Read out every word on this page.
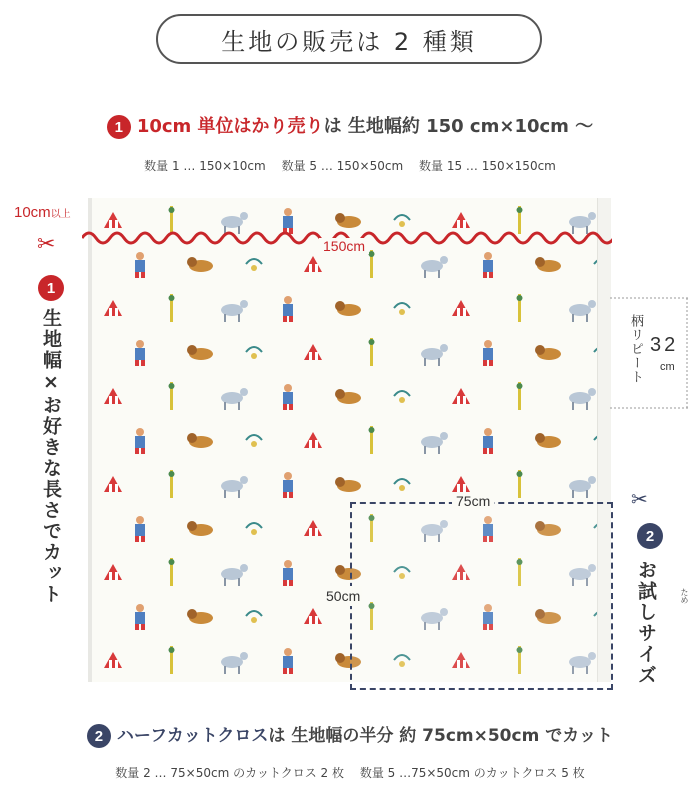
生地の販売は 2 種類
1 10cm 単位はかり売りは 生地幅約 150 cm×10cm 〜
数量 1 … 150×10cm 数量 5 … 150×50cm 数量 15 … 150×150cm
10cm以上
✂	150cm
1
生地幅×お好きな長さでカット	柄リピート 32
cm
75cm
50cm
✂
2
お試しサイズ	ため
2 ハーフカットクロスは 生地幅の半分 約 75cm×50cm でカット
数量 2 … 75×50cm のカットクロス 2 枚 数量 5 …75×50cm のカットクロス 5 枚
